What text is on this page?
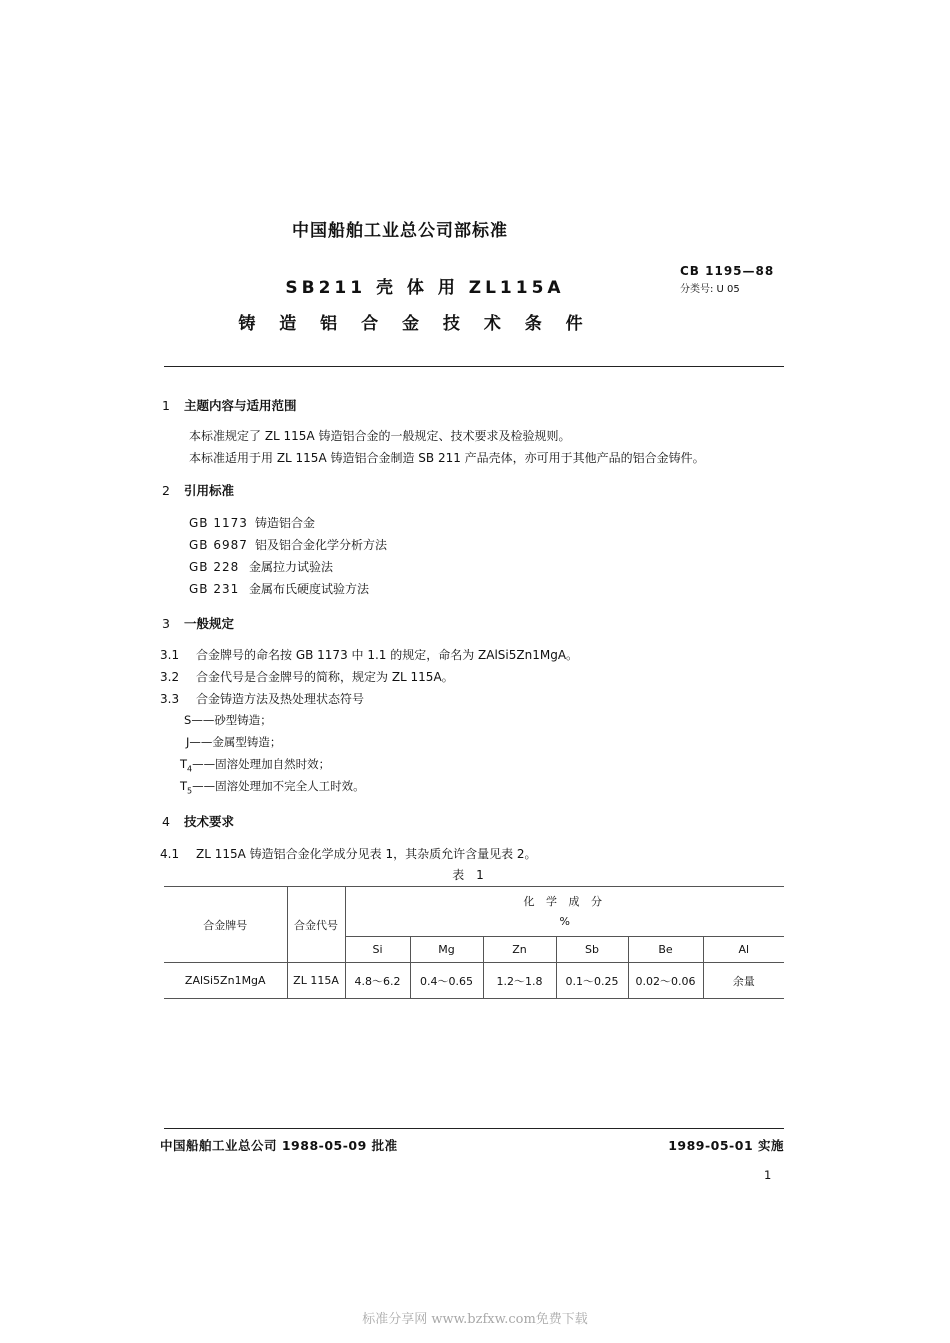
中国船舶工业总公司部标准
SB211 壳 体 用 ZL115A
铸 造 铝 合 金 技 术 条 件
CB 1195—88
分类号: U 05
1 主题内容与适用范围
本标准规定了 ZL 115A 铸造铝合金的一般规定、技术要求及检验规则。
本标准适用于用 ZL 115A 铸造铝合金制造 SB 211 产品壳体，亦可用于其他产品的铝合金铸件。
2 引用标准
GB 1173 铸造铝合金
GB 6987 铝及铝合金化学分析方法
GB 228 金属拉力试验法
GB 231 金属布氏硬度试验方法
3 一般规定
3.1 合金牌号的命名按 GB 1173 中 1.1 的规定，命名为 ZAlSi5Zn1MgA。
3.2 合金代号是合金牌号的简称，规定为 ZL 115A。
3.3 合金铸造方法及热处理状态符号
S——砂型铸造；
J——金属型铸造；
$T_4——$固溶处理加自然时效；
$T_5——$固溶处理加不完全人工时效。
4 技术要求
4.1 ZL 115A 铸造铝合金化学成分见表 1，其杂质允许含量见表 2。
表 1
合金牌号	合金代号	化 学 成 分
%					

		Si	Mg	Zn	Sb	Be	Al
ZAlSi5Zn1MgA	ZL 115A	4.8～6.2	0.4～0.65	1.2～1.8	0.1～0.25	0.02～0.06	余量
中国船舶工业总公司 1988-05-09 批准	1989-05-01 实施
1
标准分享网 www.bzfxw.com免费下载
